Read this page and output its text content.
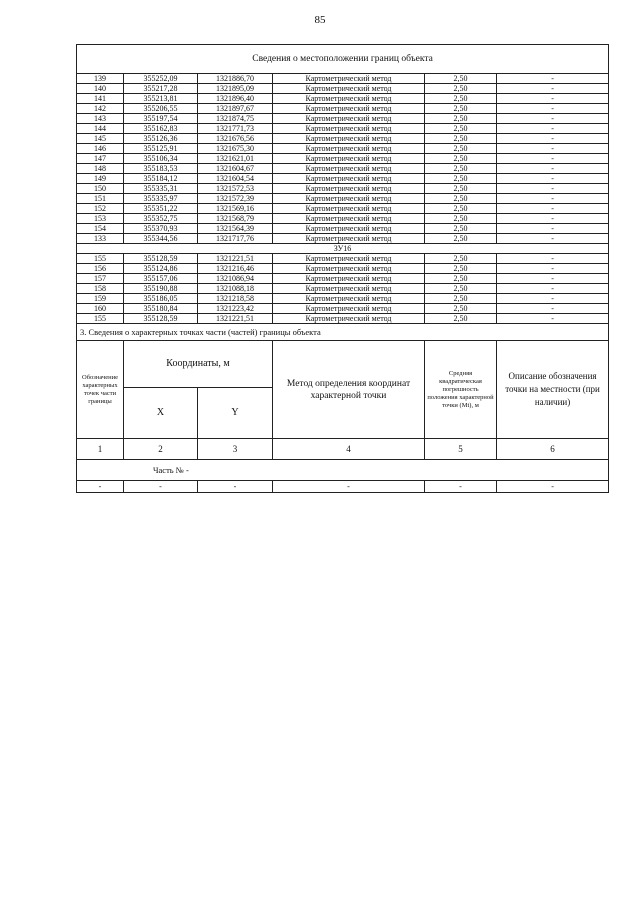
85
Сведения о местоположении границ объекта					
139	355252,09	1321886,70	Картометрический метод	2,50	-
140	355217,28	1321895,09	Картометрический метод	2,50	-
141	355213,81	1321896,40	Картометрический метод	2,50	-
142	355206,55	1321897,67	Картометрический метод	2,50	-
143	355197,54	1321874,75	Картометрический метод	2,50	-
144	355162,83	1321771,73	Картометрический метод	2,50	-
145	355126,36	1321676,56	Картометрический метод	2,50	-
146	355125,91	1321675,30	Картометрический метод	2,50	-
147	355106,34	1321621,01	Картометрический метод	2,50	-
148	355183,53	1321604,67	Картометрический метод	2,50	-
149	355184,12	1321604,54	Картометрический метод	2,50	-
150	355335,31	1321572,53	Картометрический метод	2,50	-
151	355335,97	1321572,39	Картометрический метод	2,50	-
152	355351,22	1321569,16	Картометрический метод	2,50	-
153	355352,75	1321568,79	Картометрический метод	2,50	-
154	355370,93	1321564,39	Картометрический метод	2,50	-
133	355344,56	1321717,76	Картометрический метод	2,50	-
ЗУ16					
155	355128,59	1321221,51	Картометрический метод	2,50	-
156	355124,86	1321216,46	Картометрический метод	2,50	-
157	355157,06	1321086,94	Картометрический метод	2,50	-
158	355190,88	1321088,18	Картометрический метод	2,50	-
159	355186,05	1321218,58	Картометрический метод	2,50	-
160	355180,84	1321223,42	Картометрический метод	2,50	-
155	355128,59	1321221,51	Картометрический метод	2,50	-
3. Сведения о характерных точках части (частей) границы объекта					
Обозначение характерных точек части границы	Координаты, м		Метод определения координат характерной точки	Средняя квадратическая погрешность положения характерной точки (Mt), м	Описание обозначения точки на местности (при наличии)
	X	Y			
1	2	3	4	5	6
Часть № -					
-	-	-	-	-	-
